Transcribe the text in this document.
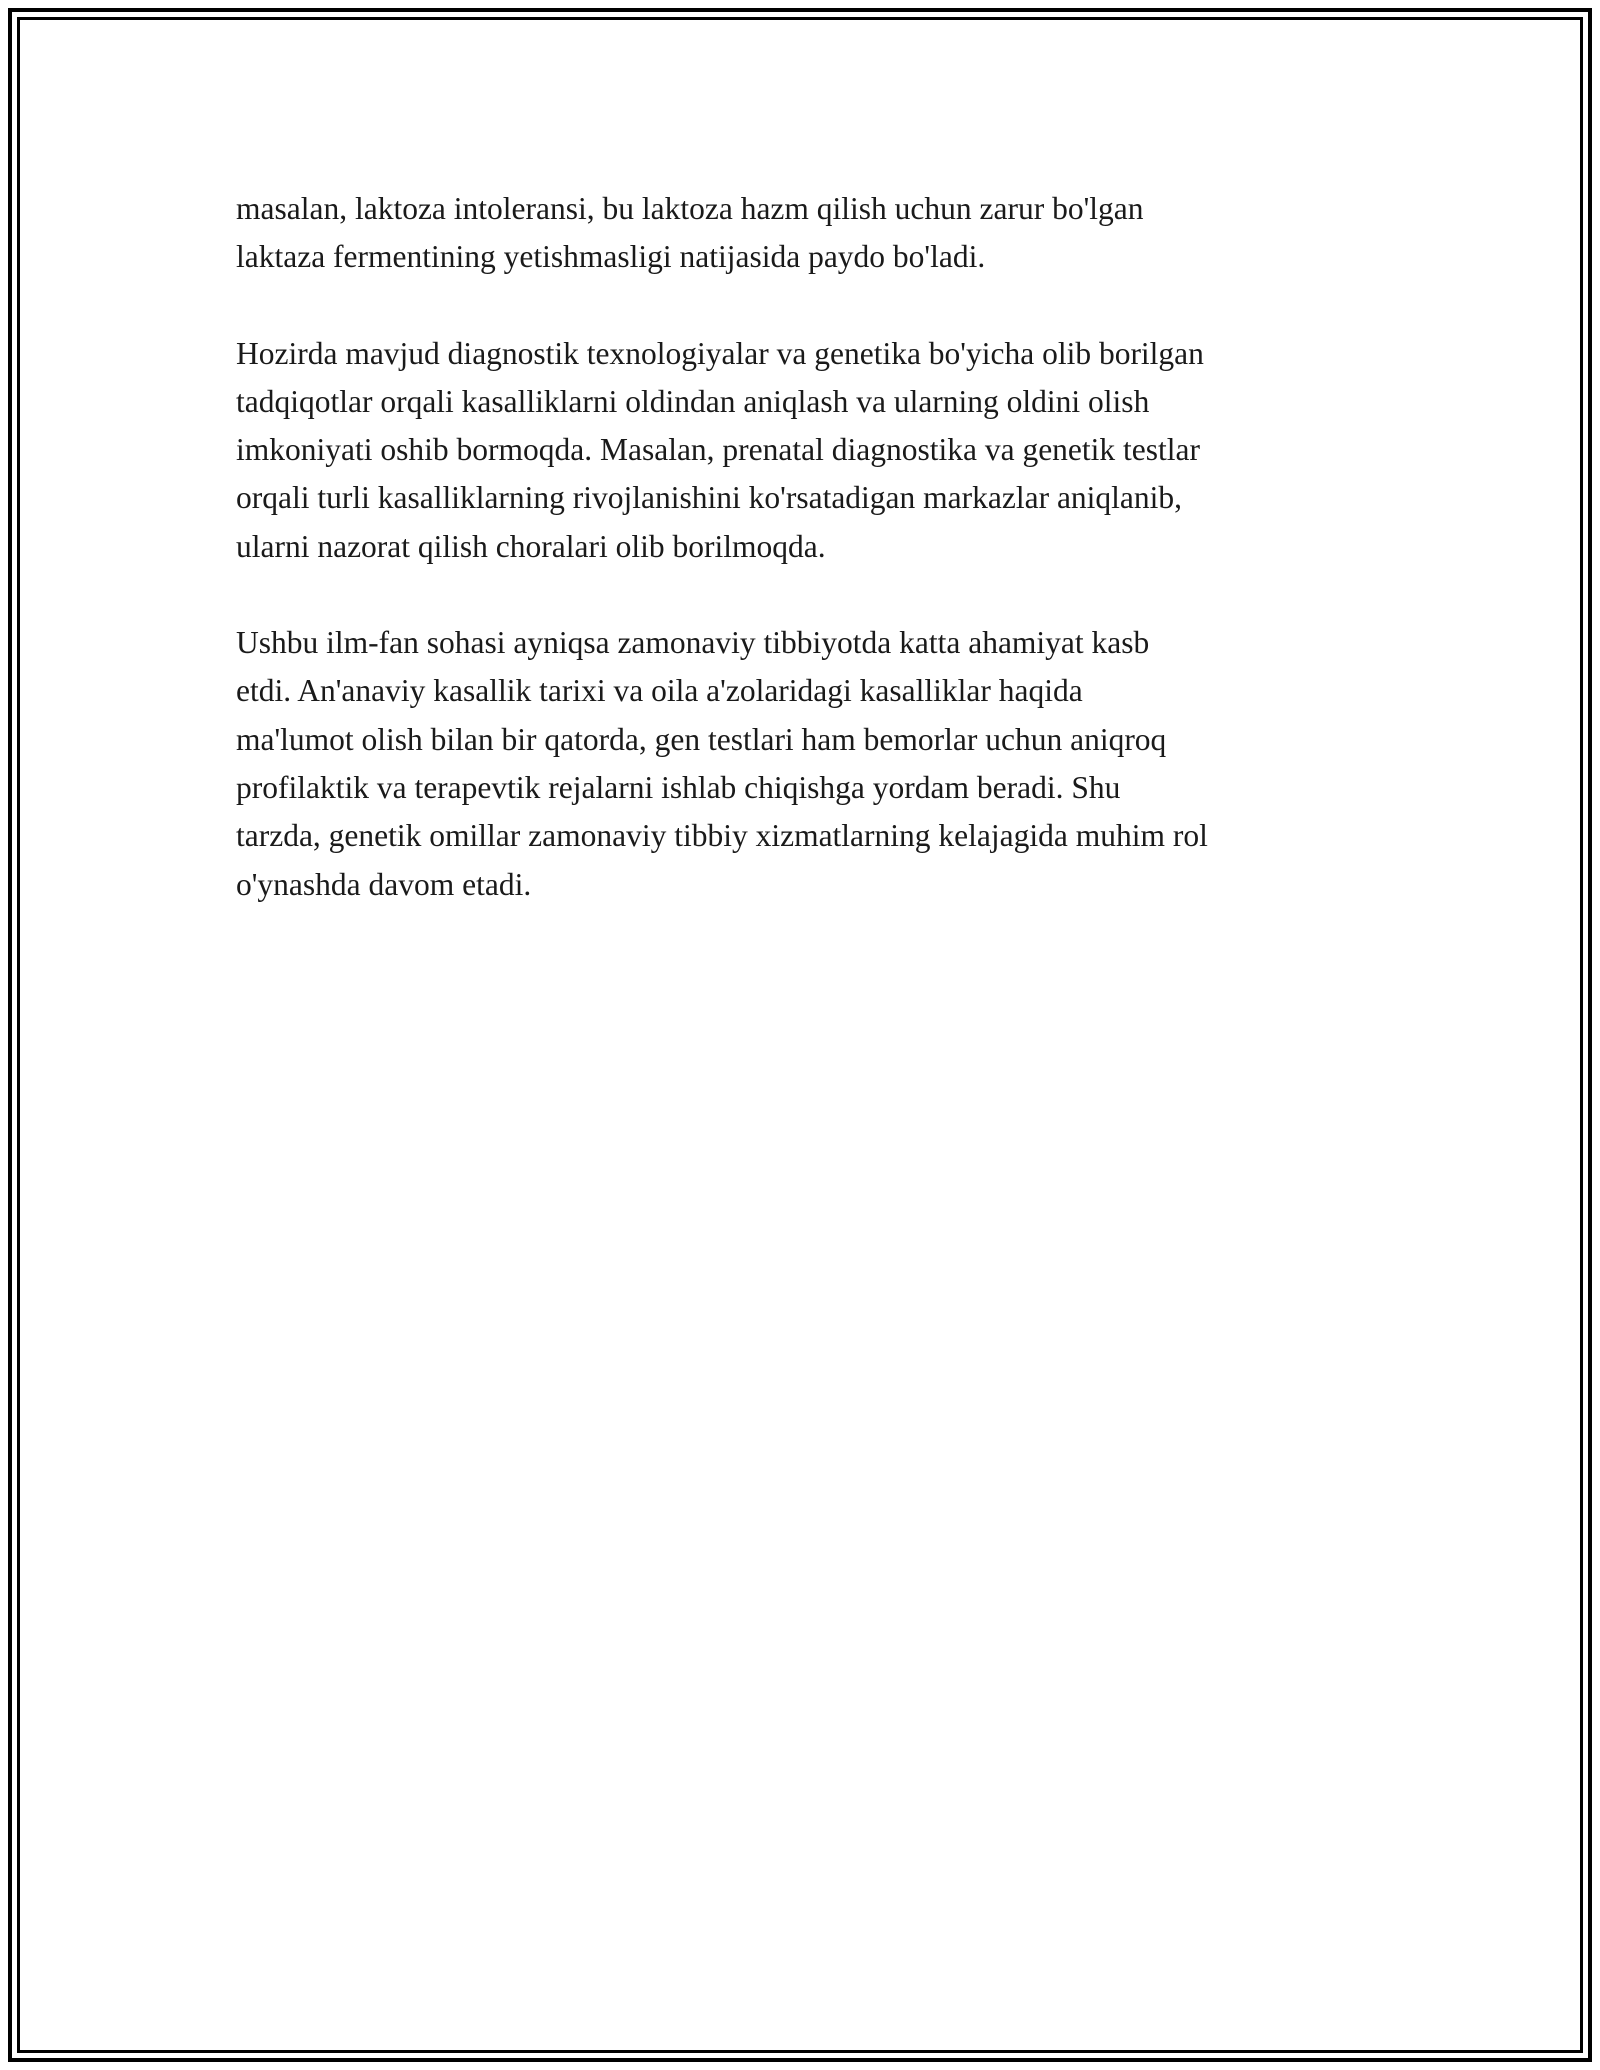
masalan, laktoza intoleransi, bu laktoza hazm qilish uchun zarur bo'lgan
laktaza fermentining yetishmasligi natijasida paydo bo'ladi.

Hozirda mavjud diagnostik texnologiyalar va genetika bo'yicha olib borilgan
tadqiqotlar orqali kasalliklarni oldindan aniqlash va ularning oldini olish
imkoniyati oshib bormoqda. Masalan, prenatal diagnostika va genetik testlar
orqali turli kasalliklarning rivojlanishini ko'rsatadigan markazlar aniqlanib,
ularni nazorat qilish choralari olib borilmoqda.

Ushbu ilm-fan sohasi ayniqsa zamonaviy tibbiyotda katta ahamiyat kasb
etdi. An'anaviy kasallik tarixi va oila a'zolaridagi kasalliklar haqida
ma'lumot olish bilan bir qatorda, gen testlari ham bemorlar uchun aniqroq
profilaktik va terapevtik rejalarni ishlab chiqishga yordam beradi. Shu
tarzda, genetik omillar zamonaviy tibbiy xizmatlarning kelajagida muhim rol
o'ynashda davom etadi.
